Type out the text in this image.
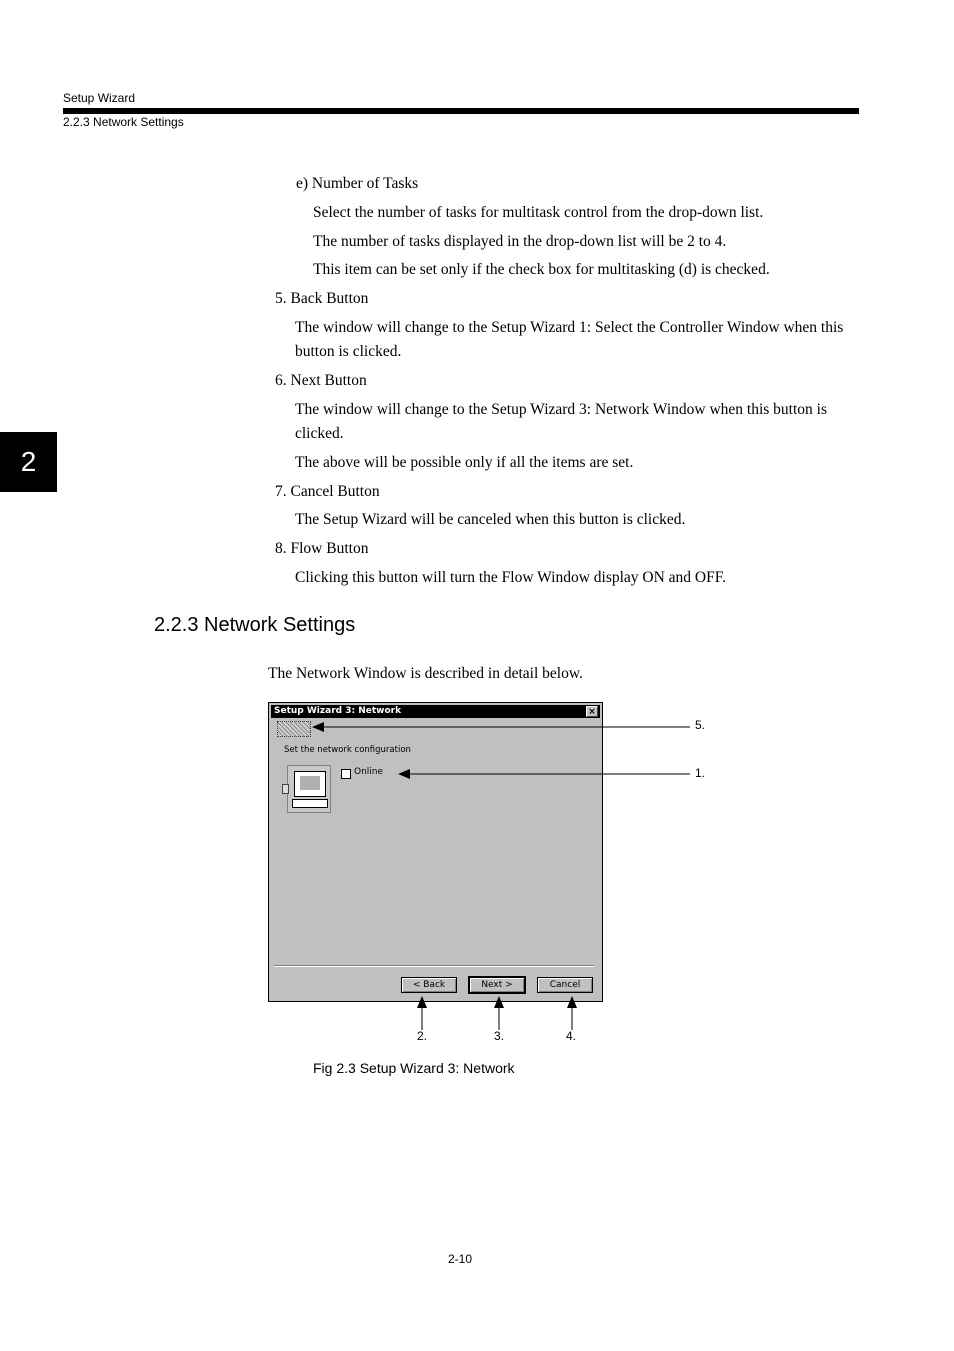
Setup Wizard
2.2.3 Network Settings
2
e) Number of Tasks
Select the number of tasks for multitask control from the drop-down list.
The number of tasks displayed in the drop-down list will be 2 to 4.
This item can be set only if the check box for multitasking (d) is checked.
5. Back Button
The window will change to the Setup Wizard 1: Select the Controller Window when this button is clicked.
6. Next Button
The window will change to the Setup Wizard 3: Network Window when this button is clicked.
The above will be possible only if all the items are set.
7. Cancel Button
The Setup Wizard will be canceled when this button is clicked.
8. Flow Button
Clicking this button will turn the Flow Window display ON and OFF.
2.2.3 Network Settings
The Network Window is described in detail below.
Setup Wizard 3: Network	×
Set the network configuration
Online
< Back	Next >	Cancel
5.
1.
2.	3.	4.
Fig 2.3 Setup Wizard 3: Network
2-10
